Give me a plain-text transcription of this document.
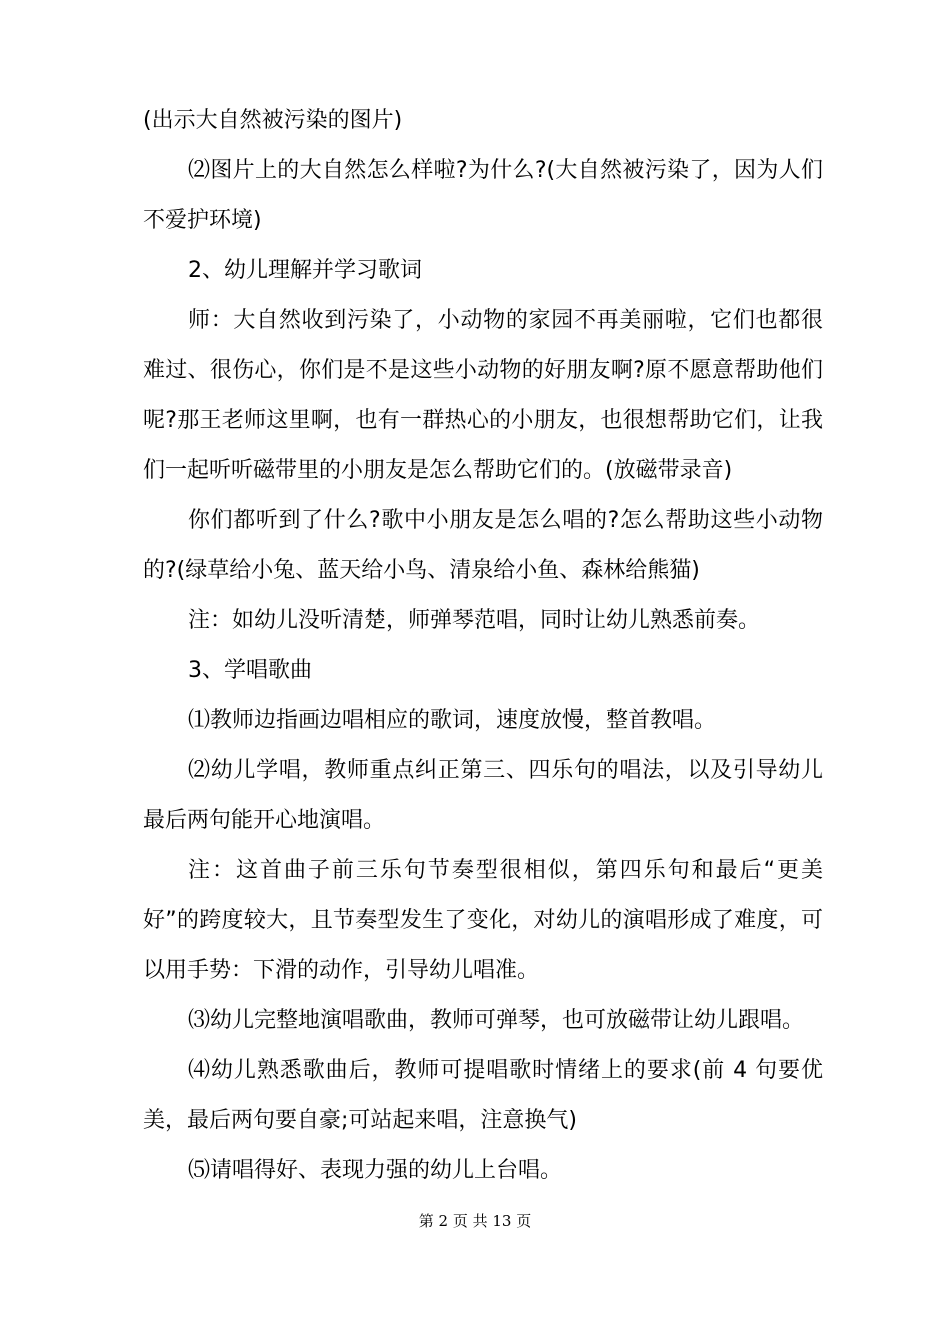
(出示大自然被污染的图片)

⑵图片上的大自然怎么样啦?为什么?(大自然被污染了，因为人们不爱护环境)

2、幼儿理解并学习歌词

师：大自然收到污染了，小动物的家园不再美丽啦，它们也都很难过、很伤心，你们是不是这些小动物的好朋友啊?原不愿意帮助他们呢?那王老师这里啊，也有一群热心的小朋友，也很想帮助它们，让我们一起听听磁带里的小朋友是怎么帮助它们的。(放磁带录音)

你们都听到了什么?歌中小朋友是怎么唱的?怎么帮助这些小动物的?(绿草给小兔、蓝天给小鸟、清泉给小鱼、森林给熊猫)

注：如幼儿没听清楚，师弹琴范唱，同时让幼儿熟悉前奏。

3、学唱歌曲

⑴教师边指画边唱相应的歌词，速度放慢，整首教唱。

⑵幼儿学唱，教师重点纠正第三、四乐句的唱法，以及引导幼儿最后两句能开心地演唱。

注：这首曲子前三乐句节奏型很相似，第四乐句和最后“更美好”的跨度较大，且节奏型发生了变化，对幼儿的演唱形成了难度，可以用手势：下滑的动作，引导幼儿唱准。

⑶幼儿完整地演唱歌曲，教师可弹琴，也可放磁带让幼儿跟唱。

⑷幼儿熟悉歌曲后，教师可提唱歌时情绪上的要求(前 4 句要优美，最后两句要自豪;可站起来唱，注意换气)

⑸请唱得好、表现力强的幼儿上台唱。

第 2 页 共 13 页
